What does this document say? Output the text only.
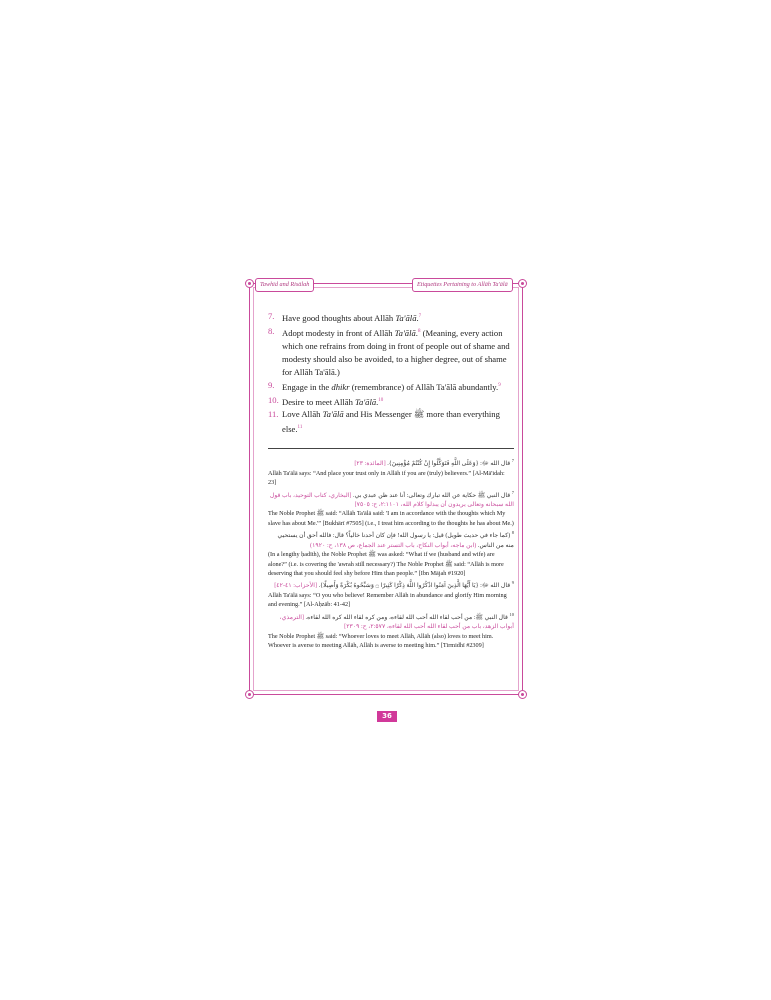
Tawhīd and Risālah	Etiquettes Pertaining to Allāh Ta'ālā

7. Have good thoughts about Allāh Ta'ālā.$^7$

8. Adopt modesty in front of Allāh Ta'ālā.$^8$ (Meaning, every action which one refrains from doing in front of people out of shame and modesty should also be avoided, to a higher degree, out of shame for Allāh Ta'ālā.)

9. Engage in the dhikr (remembrance) of Allāh Ta'ālā abundantly.$^9$

10. Desire to meet Allāh Ta'ālā.$^{10}$

11. Love Allāh Ta'ālā and His Messenger ﷺ more than everything else.$^{11}$

$^7$ قال الله ﷻ: {وَعَلَى اللَّهِ فَتَوَكَّلُوا إِنْ كُنْتُمْ مُؤْمِنِينَ}. [المائدة: ٢٣]
Allāh Ta'ālā says: “And place your trust only in Allāh if you are (truly) believers.” [Al-Mā'idah: 23]
$^7$ قال النبي ﷺ حكاية عن الله تبارك وتعالى: أنا عند ظن عبدي بي. [البخاري، كتاب التوحيد، باب قول الله سبحانه وتعالى يريدون أن يبدلوا كلام الله، ٢:١١٠١، ح: ٧٥٠٥]
The Noble Prophet ﷺ said: “Allāh Ta'ālā said: 'I am in accordance with the thoughts which My slave has about Me.'” [Bukhārī #7505] (i.e., I treat him according to the thoughts he has about Me.)
$^8$ (كما جاء في حديث طويل) قيل: يا رسول الله! فإن كان أحدنا خالياً؟ قال: فالله أحق أن يستحيي منه من الناس. (ابن ماجه، أبواب النكاح، باب التستر عند الجماع، ص ١٣٨، ح: ١٩٢٠)
(In a lengthy ḥadīth), the Noble Prophet ﷺ was asked: “What if we (husband and wife) are alone?” (i.e. is covering the 'awrah still necessary?) The Noble Prophet ﷺ said: “Allāh is more deserving that you should feel shy before Him than people.” [Ibn Mājah #1920]
$^9$ قال الله ﷻ: {يَا أَيُّهَا الَّذِينَ آمَنُوا اذْكُرُوا اللَّهَ ذِكْرًا كَثِيرًا ۝ وَسَبِّحُوهُ بُكْرَةً وَأَصِيلًا}. [الأحزاب: ٤١-٤٢]
Allāh Ta'ālā says: “O you who believe! Remember Allāh in abundance and glorify Him morning and evening.” [Al-Aḥzāb: 41-42]
$^{10}$ قال النبي ﷺ: من أحب لقاء الله أحب الله لقاءه، ومن كره لقاء الله كره الله لقاءه. [الترمذي، أبواب الزهد، باب من أحب لقاء الله أحب الله لقاءه، ٢:٥٧٧، ح: ٢٣٠٩]
The Noble Prophet ﷺ said: “Whoever loves to meet Allāh, Allāh (also) loves to meet him. Whoever is averse to meeting Allāh, Allāh is averse to meeting him.” [Tirmidhī #2309]
36
